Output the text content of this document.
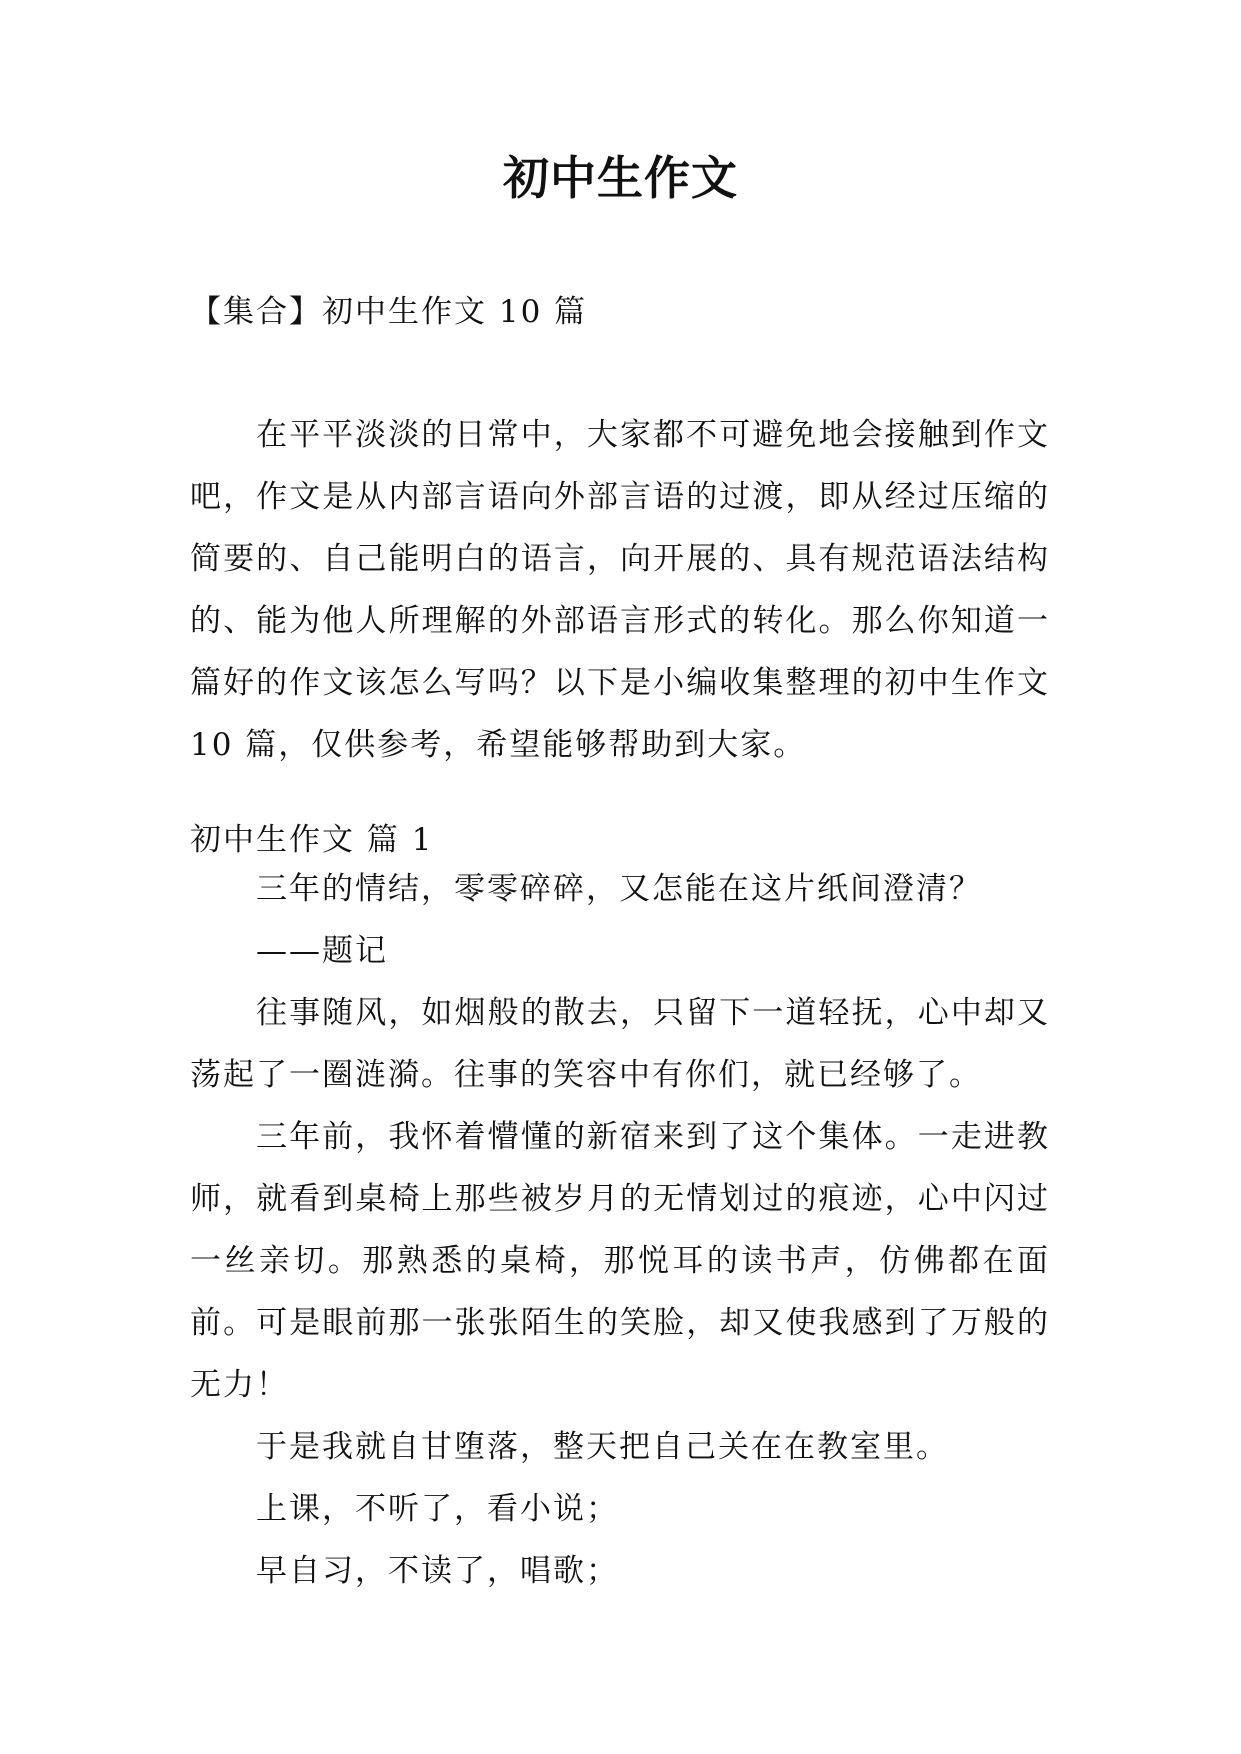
初中生作文
【集合】初中生作文 10 篇

在平平淡淡的日常中，大家都不可避免地会接触到作文吧，作文是从内部言语向外部言语的过渡，即从经过压缩的简要的、自己能明白的语言，向开展的、具有规范语法结构的、能为他人所理解的外部语言形式的转化。那么你知道一篇好的作文该怎么写吗？以下是小编收集整理的初中生作文 10 篇，仅供参考，希望能够帮助到大家。

初中生作文 篇 1

三年的情结，零零碎碎，又怎能在这片纸间澄清？

——题记

往事随风，如烟般的散去，只留下一道轻抚，心中却又荡起了一圈涟漪。往事的笑容中有你们，就已经够了。

三年前，我怀着懵懂的新宿来到了这个集体。一走进教师，就看到桌椅上那些被岁月的无情划过的痕迹，心中闪过一丝亲切。那熟悉的桌椅，那悦耳的读书声，仿佛都在面前。可是眼前那一张张陌生的笑脸，却又使我感到了万般的无力！

于是我就自甘堕落，整天把自己关在在教室里。

上课，不听了，看小说；

早自习，不读了，唱歌；
